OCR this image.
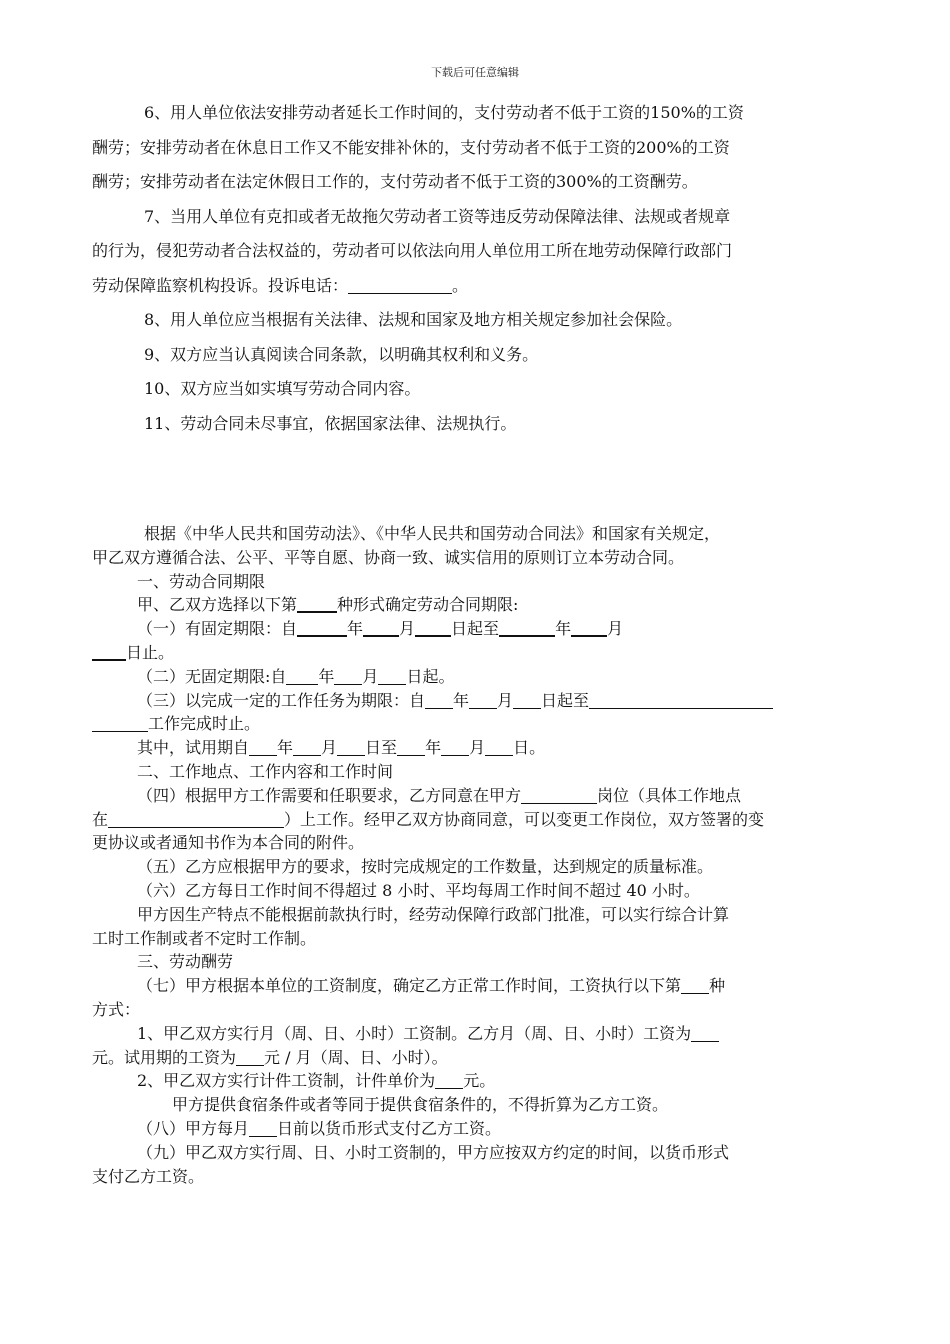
下载后可任意编辑

6、用人单位依法安排劳动者延长工作时间的，支付劳动者不低于工资的150%的工资

酬劳；安排劳动者在休息日工作又不能安排补休的，支付劳动者不低于工资的200%的工资

酬劳；安排劳动者在法定休假日工作的，支付劳动者不低于工资的300%的工资酬劳。

7、当用人单位有克扣或者无故拖欠劳动者工资等违反劳动保障法律、法规或者规章

的行为，侵犯劳动者合法权益的，劳动者可以依法向用人单位用工所在地劳动保障行政部门

劳动保障监察机构投诉。投诉电话：	。

8、用人单位应当根据有关法律、法规和国家及地方相关规定参加社会保险。

9、双方应当认真阅读合同条款，以明确其权利和义务。

10、双方应当如实填写劳动合同内容。

11、劳动合同未尽事宜，依据国家法律、法规执行。

根据《中华人民共和国劳动法》、《中华人民共和国劳动合同法》和国家有关规定，

甲乙双方遵循合法、公平、平等自愿、协商一致、诚实信用的原则订立本劳动合同。

一、劳动合同期限

甲、乙双方选择以下第	种形式确定劳动合同期限:

（一）有固定期限：自	年 月 日起至	年 月

日止。

（二）无固定期限:自 年 月 日起。

（三）以完成一定的工作任务为期限：自 年 月 日起至

工作完成时止。

其中，试用期自 年 月 日至 年 月 日。

二、工作地点、工作内容和工作时间

（四）根据甲方工作需要和任职要求，乙方同意在甲方	岗位（具体工作地点

在	）上工作。经甲乙双方协商同意，可以变更工作岗位，双方签署的变

更协议或者通知书作为本合同的附件。

（五）乙方应根据甲方的要求，按时完成规定的工作数量，达到规定的质量标准。

（六）乙方每日工作时间不得超过 8 小时、平均每周工作时间不超过 40 小时。

甲方因生产特点不能根据前款执行时，经劳动保障行政部门批准，可以实行综合计算

工时工作制或者不定时工作制。

三、劳动酬劳

（七）甲方根据本单位的工资制度，确定乙方正常工作时间，工资执行以下第 种

方式：

1、甲乙双方实行月（周、日、小时）工资制。乙方月（周、日、小时）工资为

元。试用期的工资为 元 / 月（周、日、小时）。

2、甲乙双方实行计件工资制，计件单价为 元。

甲方提供食宿条件或者等同于提供食宿条件的，不得折算为乙方工资。

（八）甲方每月 日前以货币形式支付乙方工资。

（九）甲乙双方实行周、日、小时工资制的，甲方应按双方约定的时间，以货币形式

支付乙方工资。
